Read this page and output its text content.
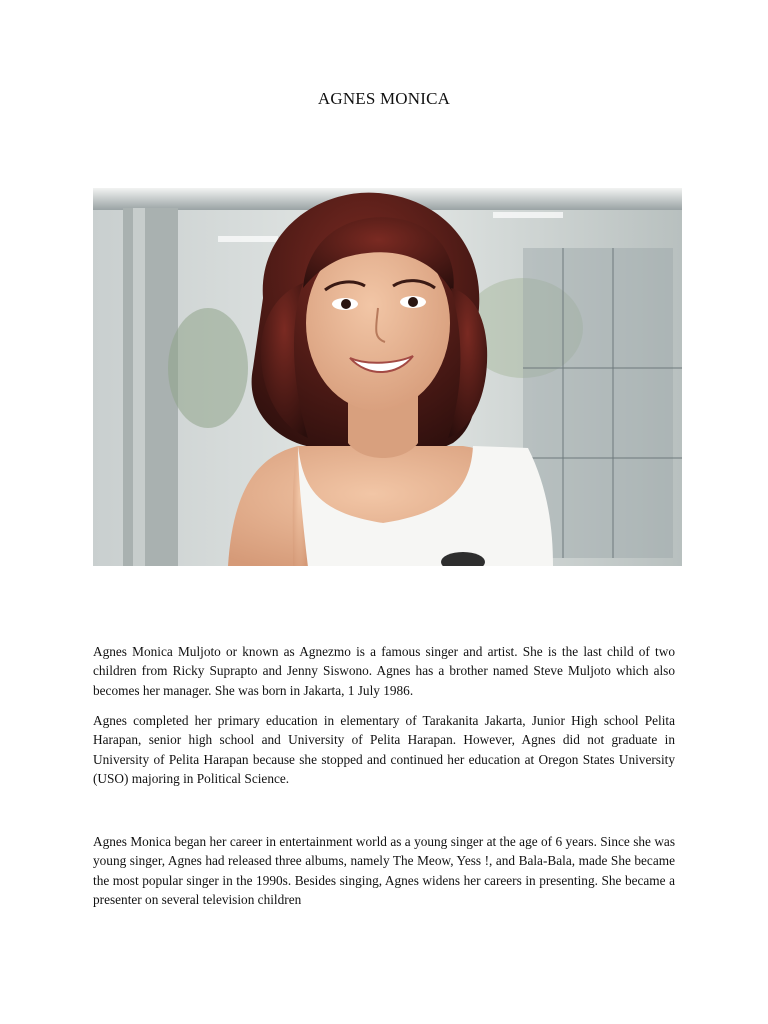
AGNES MONICA

Agnes Monica Muljoto or known as Agnezmo is a famous singer and artist. She is the last child of two children from Ricky Suprapto and Jenny Siswono. Agnes has a brother named Steve Muljoto which also becomes her manager. She was born in Jakarta, 1 July 1986.

Agnes completed her primary education in elementary of Tarakanita Jakarta, Junior High school Pelita Harapan, senior high school and University of Pelita Harapan. However, Agnes did not graduate in University of Pelita Harapan because she stopped and continued her education at Oregon States University (USO) majoring in Political Science.

Agnes Monica began her career in entertainment world as a young singer at the age of 6 years. Since she was young singer, Agnes had released three albums, namely The Meow, Yess !, and Bala-Bala, made She became the most popular singer in the 1990s. Besides singing, Agnes widens her careers in presenting. She became a presenter on several television children
